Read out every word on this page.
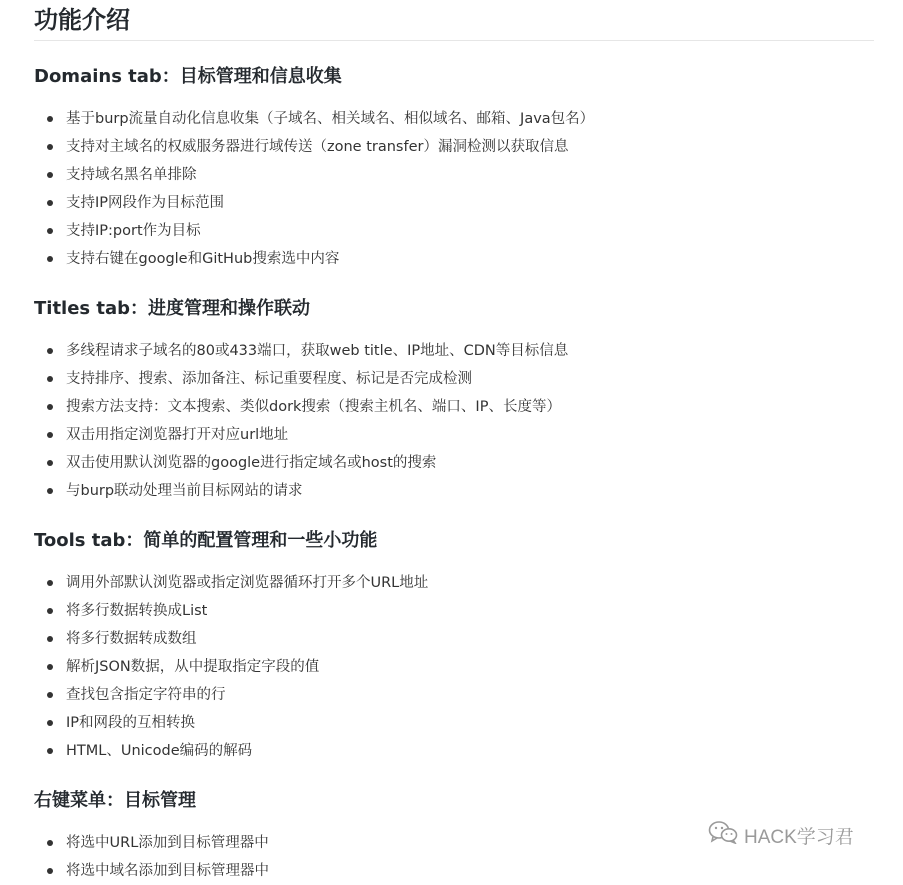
功能介绍
Domains tab：目标管理和信息收集
基于burp流量自动化信息收集（子域名、相关域名、相似域名、邮箱、Java包名）
支持对主域名的权威服务器进行域传送（zone transfer）漏洞检测以获取信息
支持域名黑名单排除
支持IP网段作为目标范围
支持IP:port作为目标
支持右键在google和GitHub搜索选中内容
Titles tab：进度管理和操作联动
多线程请求子域名的80或433端口，获取web title、IP地址、CDN等目标信息
支持排序、搜索、添加备注、标记重要程度、标记是否完成检测
搜索方法支持：文本搜索、类似dork搜索（搜索主机名、端口、IP、长度等）
双击用指定浏览器打开对应url地址
双击使用默认浏览器的google进行指定域名或host的搜索
与burp联动处理当前目标网站的请求
Tools tab：简单的配置管理和一些小功能
调用外部默认浏览器或指定浏览器循环打开多个URL地址
将多行数据转换成List
将多行数据转成数组
解析JSON数据，从中提取指定字段的值
查找包含指定字符串的行
IP和网段的互相转换
HTML、Unicode编码的解码
右键菜单：目标管理
将选中URL添加到目标管理器中
将选中域名添加到目标管理器中
HACK学习君
